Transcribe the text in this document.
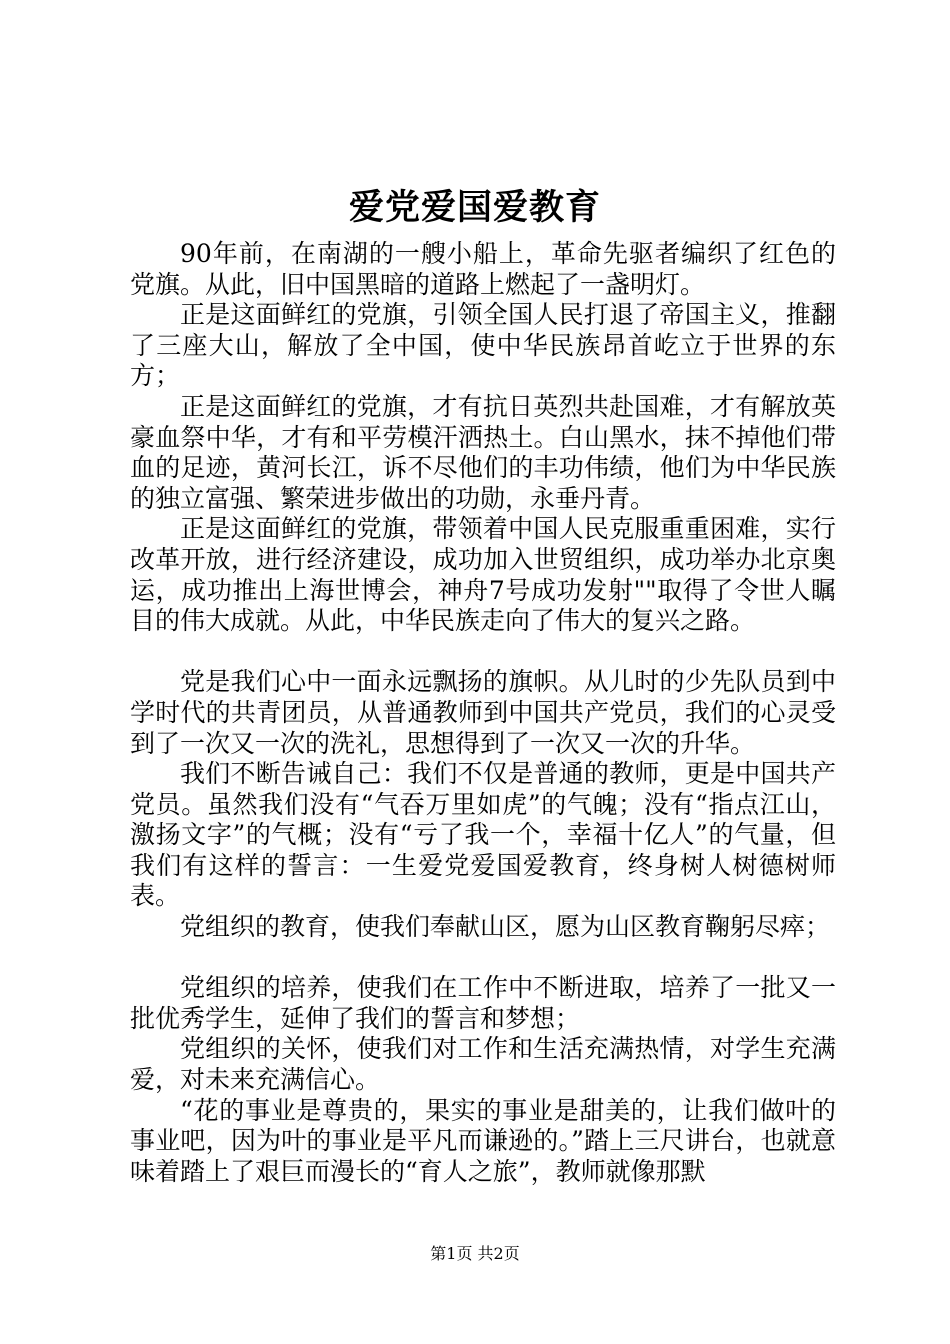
爱党爱国爱教育

90年前，在南湖的一艘小船上，革命先驱者编织了红色的党旗。从此，旧中国黑暗的道路上燃起了一盏明灯。

正是这面鲜红的党旗，引领全国人民打退了帝国主义，推翻了三座大山，解放了全中国，使中华民族昂首屹立于世界的东方；

正是这面鲜红的党旗，才有抗日英烈共赴国难，才有解放英豪血祭中华，才有和平劳模汗洒热土。白山黑水，抹不掉他们带血的足迹，黄河长江，诉不尽他们的丰功伟绩，他们为中华民族的独立富强、繁荣进步做出的功勋，永垂丹青。

正是这面鲜红的党旗，带领着中国人民克服重重困难，实行改革开放，进行经济建设，成功加入世贸组织，成功举办北京奥运，成功推出上海世博会，神舟7号成功发射""取得了令世人瞩目的伟大成就。从此，中华民族走向了伟大的复兴之路。

党是我们心中一面永远飘扬的旗帜。从儿时的少先队员到中学时代的共青团员，从普通教师到中国共产党员，我们的心灵受到了一次又一次的洗礼，思想得到了一次又一次的升华。

我们不断告诫自己：我们不仅是普通的教师，更是中国共产党员。虽然我们没有“气吞万里如虎”的气魄；没有“指点江山，激扬文字”的气概；没有“亏了我一个，幸福十亿人”的气量，但我们有这样的誓言：一生爱党爱国爱教育，终身树人树德树师表。

党组织的教育，使我们奉献山区，愿为山区教育鞠躬尽瘁；

党组织的培养，使我们在工作中不断进取，培养了一批又一批优秀学生，延伸了我们的誓言和梦想；

党组织的关怀，使我们对工作和生活充满热情，对学生充满爱，对未来充满信心。

“花的事业是尊贵的，果实的事业是甜美的，让我们做叶的事业吧，因为叶的事业是平凡而谦逊的。”踏上三尺讲台，也就意味着踏上了艰巨而漫长的“育人之旅”，教师就像那默

第1页 共2页
